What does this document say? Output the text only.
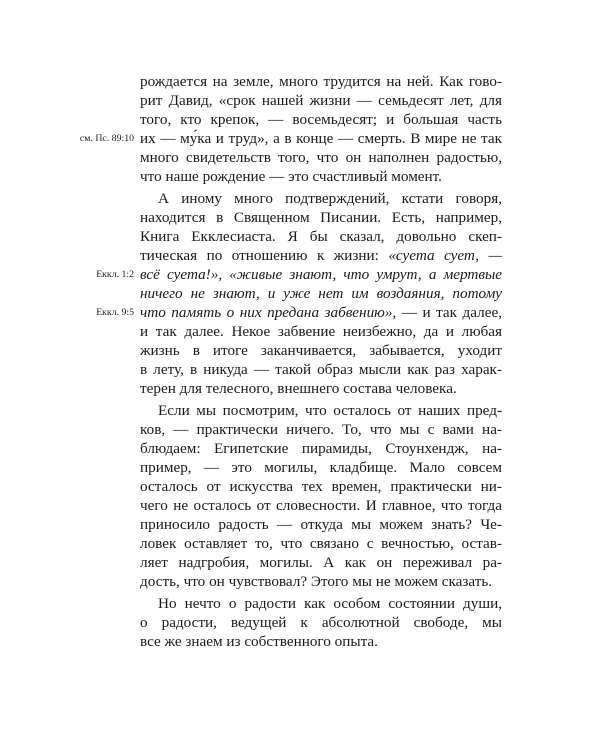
рождается на земле, много трудится на ней. Как гово-
рит Давид, «срок нашей жизни — семьдесят лет, для
того, кто крепок, — восемьдесят; и большая часть
их — му́ка и труд», а в конце — смерть. В мире не так
много свидетельств того, что он наполнен радостью,
что наше рождение — это счастливый момент.
А иному много подтверждений, кстати говоря,
находится в Священном Писании. Есть, например,
Книга Екклесиаста. Я бы сказал, довольно скеп-
тическая по отношению к жизни: «суета сует, —
всё суета!», «живые знают, что умрут, а мертвые
ничего не знают, и уже нет им воздаяния, потому
что память о них предана забвению», — и так далее,
и так далее. Некое забвение неизбежно, да и любая
жизнь в итоге заканчивается, забывается, уходит
в лету, в никуда — такой образ мысли как раз харак-
терен для телесного, внешнего состава человека.
Если мы посмотрим, что осталось от наших пред-
ков, — практически ничего. То, что мы с вами на-
блюдаем: Египетские пирамиды, Стоунхендж, на-
пример, — это могилы, кладбище. Мало совсем
осталось от искусства тех времен, практически ни-
чего не осталось от словесности. И главное, что тогда
приносило радость — откуда мы можем знать? Че-
ловек оставляет то, что связано с вечностью, остав-
ляет надгробия, могилы. А как он переживал ра-
дость, что он чувствовал? Этого мы не можем сказать.
Но нечто о радости как особом состоянии души,
о радости, ведущей к абсолютной свободе, мы
все же знаем из собственного опыта.
см. Пс. 89:10
Еккл. 1:2
Еккл. 9:5
